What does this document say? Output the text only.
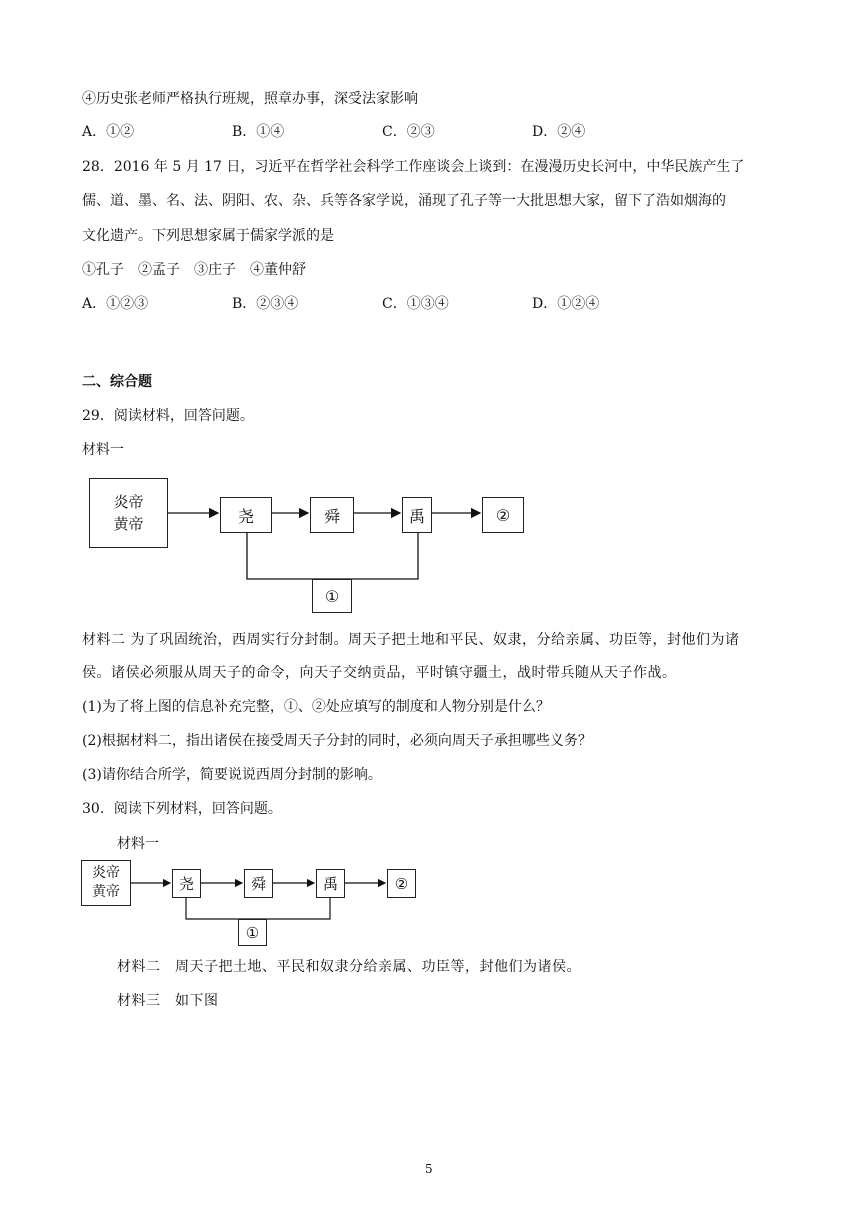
④历史张老师严格执行班规，照章办事，深受法家影响
A．①②	B．①④	C．②③	D．②④
28．2016 年 5 月 17 日，习近平在哲学社会科学工作座谈会上谈到：在漫漫历史长河中，中华民族产生了
儒、道、墨、名、法、阴阳、农、杂、兵等各家学说，涌现了孔子等一大批思想大家，留下了浩如烟海的
文化遗产。下列思想家属于儒家学派的是
①孔子　②孟子　③庄子　④董仲舒
A．①②③	B．②③④	C．①③④	D．①②④
二、综合题
29．阅读材料，回答问题。
材料一
炎帝
黄帝	尧	舜	禹	②
①
材料二 为了巩固统治，西周实行分封制。周天子把土地和平民、奴隶，分给亲属、功臣等，封他们为诸
侯。诸侯必须服从周天子的命令，向天子交纳贡品，平时镇守疆土，战时带兵随从天子作战。
(1)为了将上图的信息补充完整，①、②处应填写的制度和人物分别是什么？
(2)根据材料二，指出诸侯在接受周天子分封的同时，必须向周天子承担哪些义务？
(3)请你结合所学，简要说说西周分封制的影响。
30．阅读下列材料，回答问题。
材料一
炎帝
黄帝	尧	舜	禹	②
①
材料二　周天子把土地、平民和奴隶分给亲属、功臣等，封他们为诸侯。
材料三　如下图
5
